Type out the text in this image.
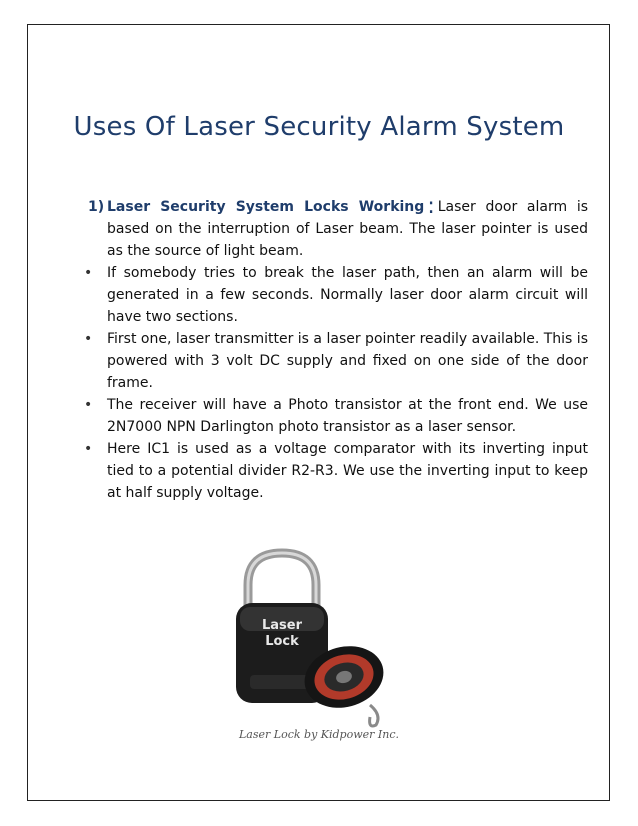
Uses Of Laser Security Alarm System
1) Laser Security System Locks Working : Laser door alarm is based on the interruption of Laser beam. The laser pointer is used as the source of light beam.
• If somebody tries to break the laser path, then an alarm will be generated in a few seconds. Normally laser door alarm circuit will have two sections.
• First one, laser transmitter is a laser pointer readily available. This is powered with 3 volt DC supply and fixed on one side of the door frame.
• The receiver will have a Photo transistor at the front end. We use 2N7000 NPN Darlington photo transistor as a laser sensor.
• Here IC1 is used as a voltage comparator with its inverting input tied to a potential divider R2-R3. We use the inverting input to keep at half supply voltage.
Laser
Lock
Laser Lock by Kidpower Inc.
